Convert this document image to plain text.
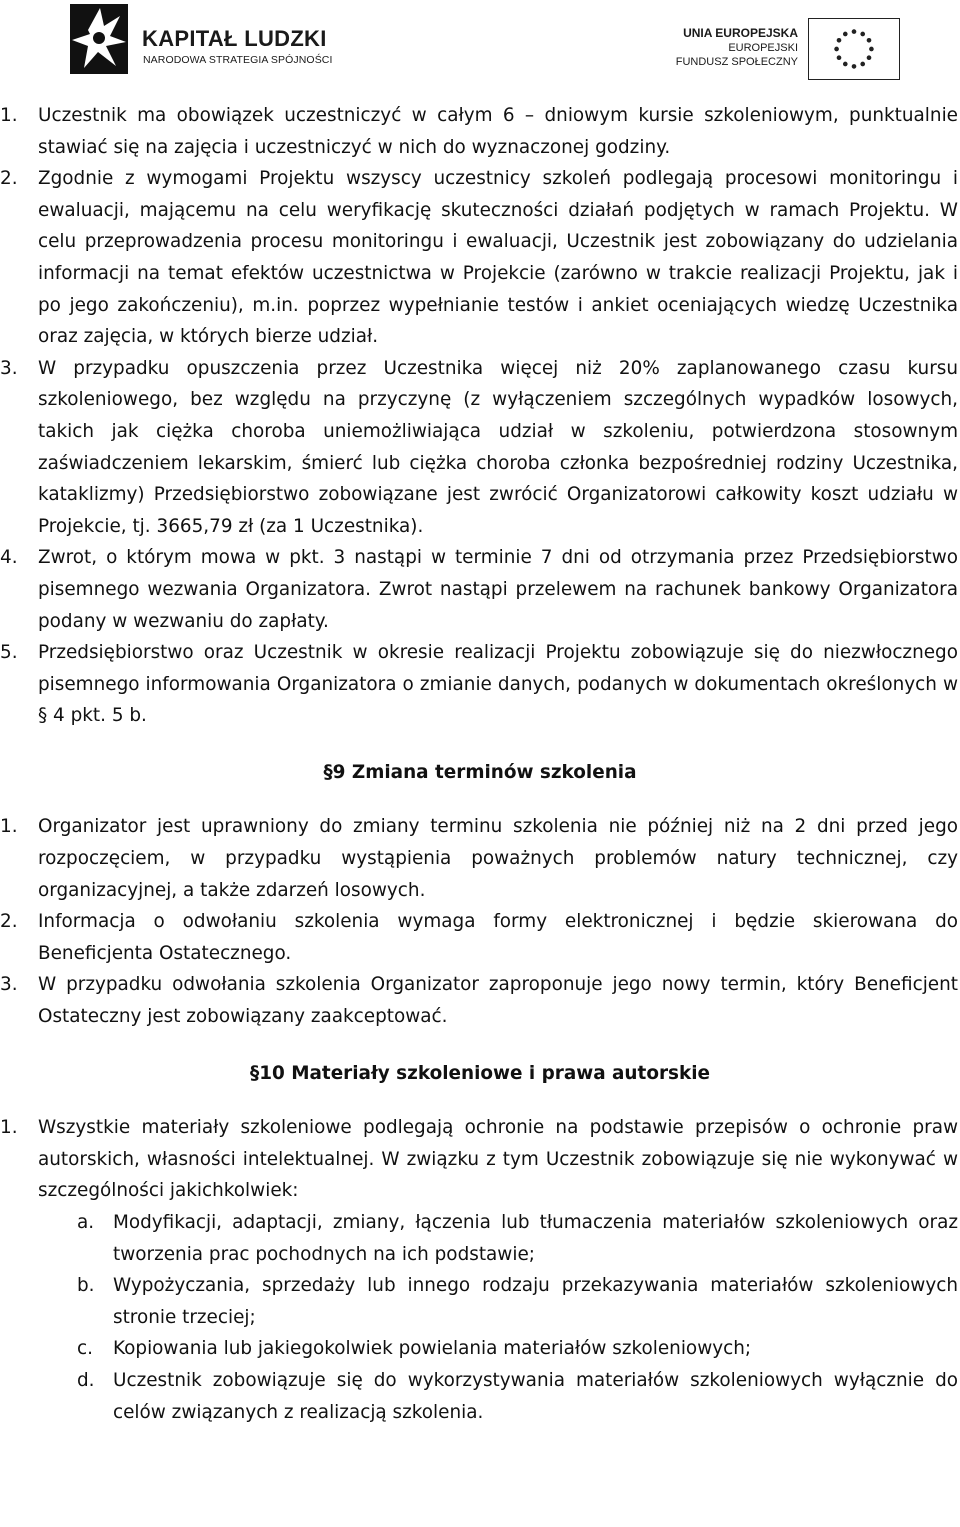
KAPITAŁ LUDZKI
NARODOWA STRATEGIA SPÓJNOŚCI
UNIA EUROPEJSKA
EUROPEJSKI
FUNDUSZ SPOŁECZNY
1. Uczestnik ma obowiązek uczestniczyć w całym 6 – dniowym kursie szkoleniowym, punktualnie stawiać się na zajęcia i uczestniczyć w nich do wyznaczonej godziny.
2. Zgodnie z wymogami Projektu wszyscy uczestnicy szkoleń podlegają procesowi monitoringu i ewaluacji, mającemu na celu weryfikację skuteczności działań podjętych w ramach Projektu. W celu przeprowadzenia procesu monitoringu i ewaluacji, Uczestnik jest zobowiązany do udzielania informacji na temat efektów uczestnictwa w Projekcie (zarówno w trakcie realizacji Projektu, jak i po jego zakończeniu), m.in. poprzez wypełnianie testów i ankiet oceniających wiedzę Uczestnika oraz zajęcia, w których bierze udział.
3. W przypadku opuszczenia przez Uczestnika więcej niż 20% zaplanowanego czasu kursu szkoleniowego, bez względu na przyczynę (z wyłączeniem szczególnych wypadków losowych, takich jak ciężka choroba uniemożliwiająca udział w szkoleniu, potwierdzona stosownym zaświadczeniem lekarskim, śmierć lub ciężka choroba członka bezpośredniej rodziny Uczestnika, kataklizmy) Przedsiębiorstwo zobowiązane jest zwrócić Organizatorowi całkowity koszt udziału w Projekcie, tj. 3665,79 zł (za 1 Uczestnika).
4. Zwrot, o którym mowa w pkt. 3 nastąpi w terminie 7 dni od otrzymania przez Przedsiębiorstwo pisemnego wezwania Organizatora. Zwrot nastąpi przelewem na rachunek bankowy Organizatora podany w wezwaniu do zapłaty.
5. Przedsiębiorstwo oraz Uczestnik w okresie realizacji Projektu zobowiązuje się do niezwłocznego pisemnego informowania Organizatora o zmianie danych, podanych w dokumentach określonych w § 4 pkt. 5 b.
§9 Zmiana terminów szkolenia
1. Organizator jest uprawniony do zmiany terminu szkolenia nie później niż na 2 dni przed jego rozpoczęciem, w przypadku wystąpienia poważnych problemów natury technicznej, czy organizacyjnej, a także zdarzeń losowych.
2. Informacja o odwołaniu szkolenia wymaga formy elektronicznej i będzie skierowana do Beneficjenta Ostatecznego.
3. W przypadku odwołania szkolenia Organizator zaproponuje jego nowy termin, który Beneficjent Ostateczny jest zobowiązany zaakceptować.
§10 Materiały szkoleniowe i prawa autorskie
1. Wszystkie materiały szkoleniowe podlegają ochronie na podstawie przepisów o ochronie praw autorskich, własności intelektualnej. W związku z tym Uczestnik zobowiązuje się nie wykonywać w szczególności jakichkolwiek:
a. Modyfikacji, adaptacji, zmiany, łączenia lub tłumaczenia materiałów szkoleniowych oraz tworzenia prac pochodnych na ich podstawie;
b. Wypożyczania, sprzedaży lub innego rodzaju przekazywania materiałów szkoleniowych stronie trzeciej;
c. Kopiowania lub jakiegokolwiek powielania materiałów szkoleniowych;
d. Uczestnik zobowiązuje się do wykorzystywania materiałów szkoleniowych wyłącznie do celów związanych z realizacją szkolenia.
